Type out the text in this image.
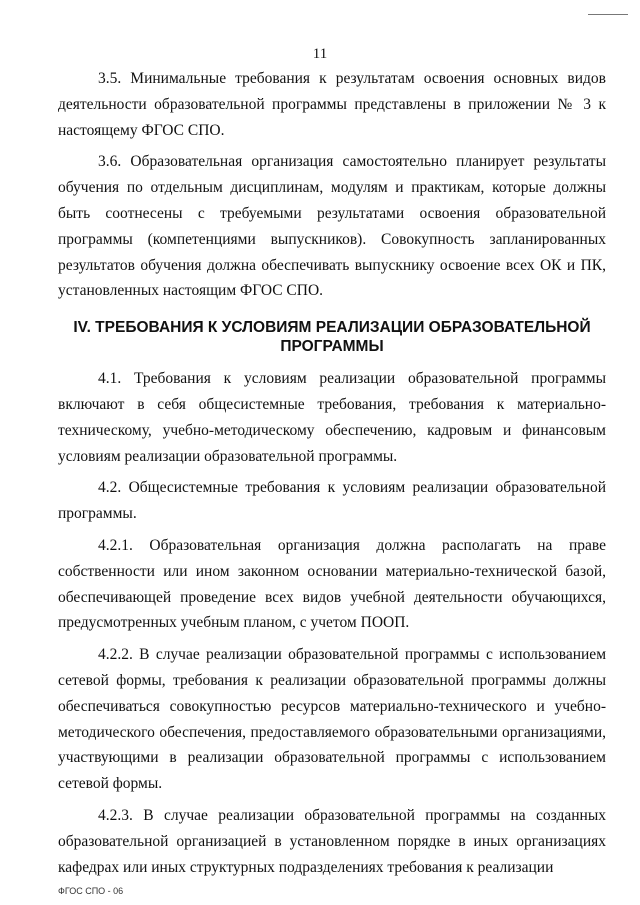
11

3.5. Минимальные требования к результатам освоения основных видов деятельности образовательной программы представлены в приложении № 3 к настоящему ФГОС СПО.

3.6. Образовательная организация самостоятельно планирует результаты обучения по отдельным дисциплинам, модулям и практикам, которые должны быть соотнесены с требуемыми результатами освоения образовательной программы (компетенциями выпускников). Совокупность запланированных результатов обучения должна обеспечивать выпускнику освоение всех ОК и ПК, установленных настоящим ФГОС СПО.

IV. ТРЕБОВАНИЯ К УСЛОВИЯМ РЕАЛИЗАЦИИ ОБРАЗОВАТЕЛЬНОЙ ПРОГРАММЫ

4.1. Требования к условиям реализации образовательной программы включают в себя общесистемные требования, требования к материально-техническому, учебно-методическому обеспечению, кадровым и финансовым условиям реализации образовательной программы.

4.2. Общесистемные требования к условиям реализации образовательной программы.

4.2.1. Образовательная организация должна располагать на праве собственности или ином законном основании материально-технической базой, обеспечивающей проведение всех видов учебной деятельности обучающихся, предусмотренных учебным планом, с учетом ПООП.

4.2.2. В случае реализации образовательной программы с использованием сетевой формы, требования к реализации образовательной программы должны обеспечиваться совокупностью ресурсов материально-технического и учебно-методического обеспечения, предоставляемого образовательными организациями, участвующими в реализации образовательной программы с использованием сетевой формы.

4.2.3. В случае реализации образовательной программы на созданных образовательной организацией в установленном порядке в иных организациях кафедрах или иных структурных подразделениях требования к реализации

ФГОС СПО - 06
